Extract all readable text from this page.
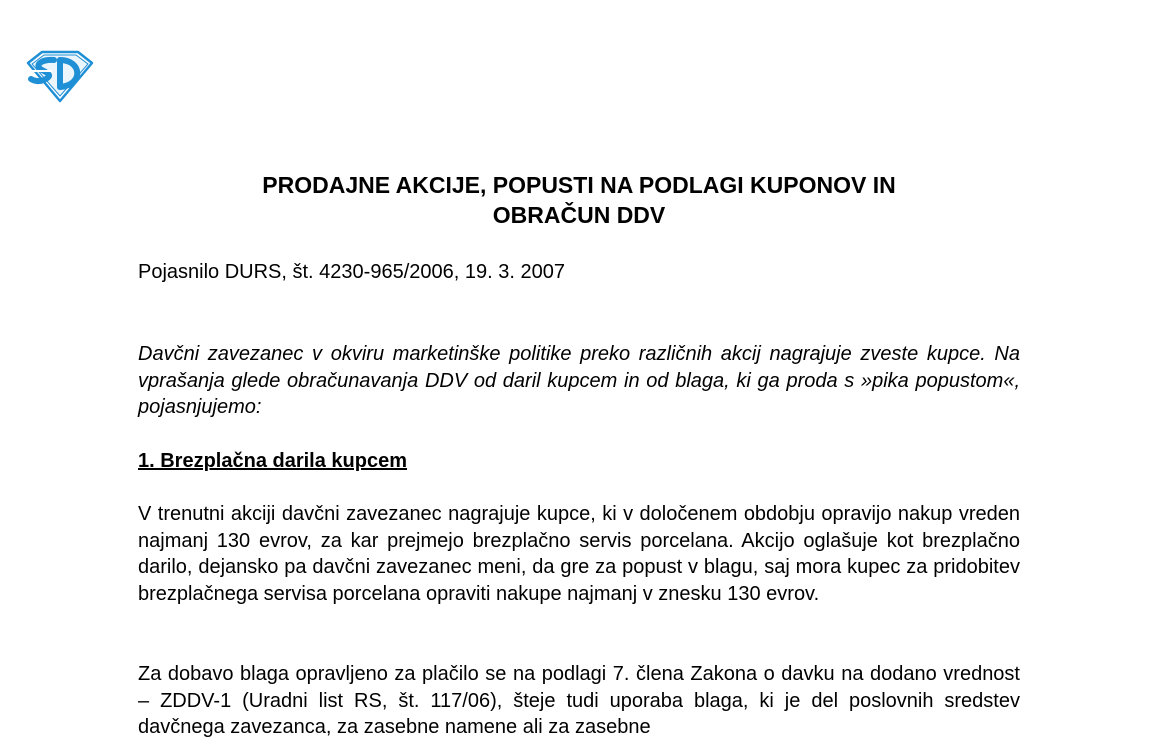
PRODAJNE AKCIJE, POPUSTI NA PODLAGI KUPONOV IN
OBRAČUN DDV

Pojasnilo DURS, št. 4230-965/2006, 19. 3. 2007

Davčni zavezanec v okviru marketinške politike preko različnih akcij nagrajuje zveste kupce. Na vprašanja glede obračunavanja DDV od daril kupcem in od blaga, ki ga proda s »pika popustom«, pojasnjujemo:

1. Brezplačna darila kupcem

V trenutni akciji davčni zavezanec nagrajuje kupce, ki v določenem obdobju opravijo nakup vreden najmanj 130 evrov, za kar prejmejo brezplačno servis porcelana. Akcijo oglašuje kot brezplačno darilo, dejansko pa davčni zavezanec meni, da gre za popust v blagu, saj mora kupec za pridobitev brezplačnega servisa porcelana opraviti nakupe najmanj v znesku 130 evrov.

Za dobavo blaga opravljeno za plačilo se na podlagi 7. člena Zakona o davku na dodano vrednost – ZDDV-1 (Uradni list RS, št. 117/06), šteje tudi uporaba blaga, ki je del poslovnih sredstev davčnega zavezanca, za zasebne namene ali za zasebne
